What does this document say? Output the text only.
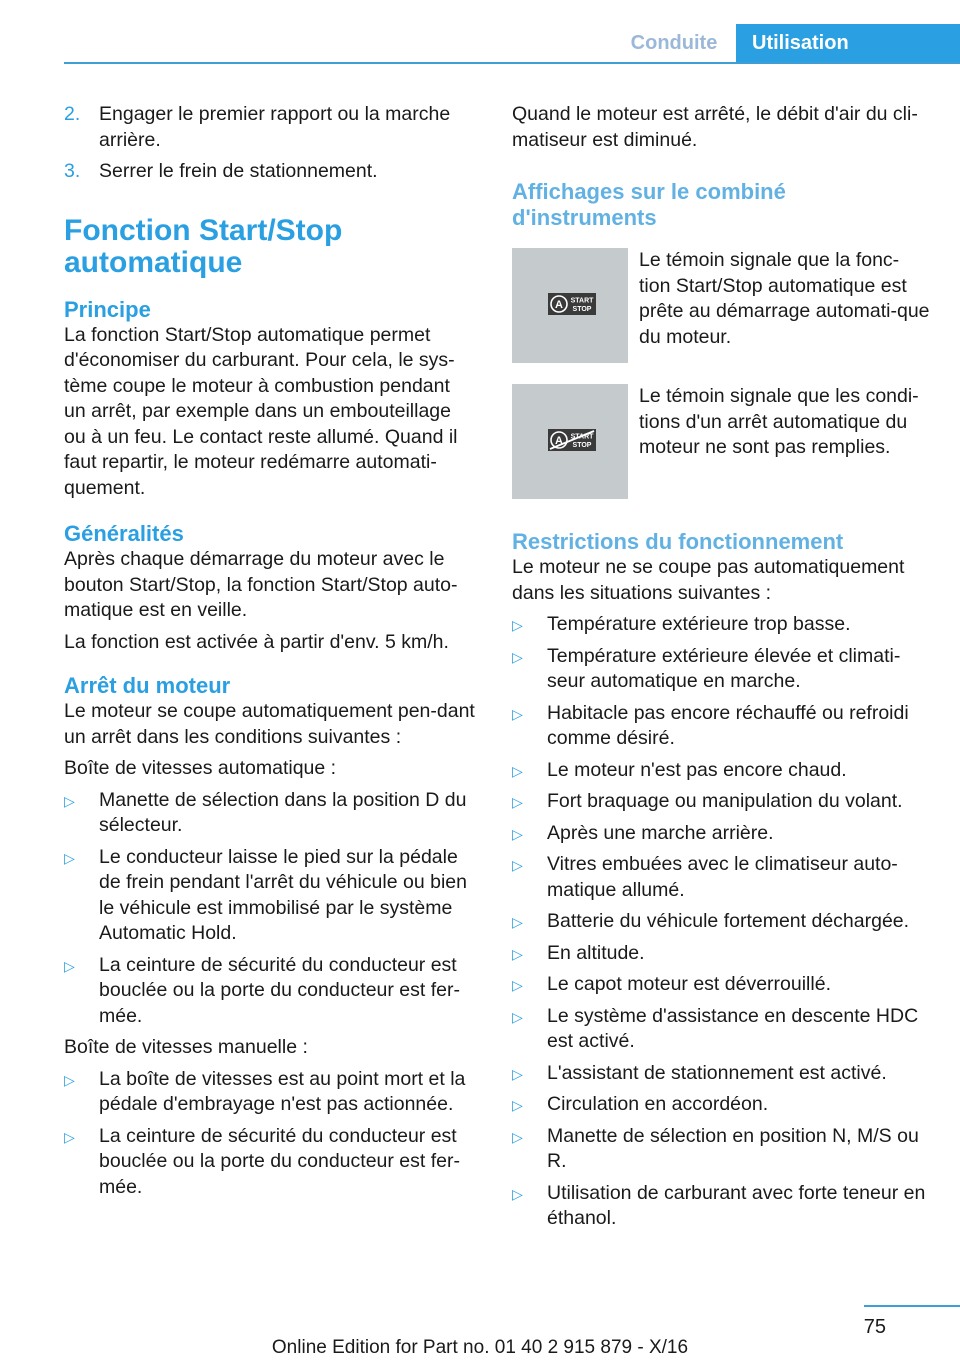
Conduite	Utilisation
2. Engager le premier rapport ou la marche arrière.
3. Serrer le frein de stationnement.
Fonction Start/Stop automatique
Principe

La fonction Start/Stop automatique permet d'économiser du carburant. Pour cela, le sys-tème coupe le moteur à combustion pendant un arrêt, par exemple dans un embouteillage ou à un feu. Le contact reste allumé. Quand il faut repartir, le moteur redémarre automati-quement.

Généralités

Après chaque démarrage du moteur avec le bouton Start/Stop, la fonction Start/Stop auto-matique est en veille.

La fonction est activée à partir d'env. 5 km/h.

Arrêt du moteur

Le moteur se coupe automatiquement pen-dant un arrêt dans les conditions suivantes :

Boîte de vitesses automatique :

▷ Manette de sélection dans la position D du sélecteur.
▷ Le conducteur laisse le pied sur la pédale de frein pendant l'arrêt du véhicule ou bien le véhicule est immobilisé par le système Automatic Hold.
▷ La ceinture de sécurité du conducteur est bouclée ou la porte du conducteur est fer-mée.

Boîte de vitesses manuelle :

▷ La boîte de vitesses est au point mort et la pédale d'embrayage n'est pas actionnée.
▷ La ceinture de sécurité du conducteur est bouclée ou la porte du conducteur est fer-mée.

Quand le moteur est arrêté, le débit d'air du cli-matiseur est diminué.

Affichages sur le combiné d'instruments
A START
STOP

Le témoin signale que la fonc-tion Start/Stop automatique est prête au démarrage automati-que du moteur.

A START
STOP

Le témoin signale que les condi-tions d'un arrêt automatique du moteur ne sont pas remplies.

Restrictions du fonctionnement

Le moteur ne se coupe pas automatiquement dans les situations suivantes :

▷ Température extérieure trop basse.
▷ Température extérieure élevée et climati-seur automatique en marche.
▷ Habitacle pas encore réchauffé ou refroidi comme désiré.
▷ Le moteur n'est pas encore chaud.
▷ Fort braquage ou manipulation du volant.
▷ Après une marche arrière.
▷ Vitres embuées avec le climatiseur auto-matique allumé.
▷ Batterie du véhicule fortement déchargée.
▷ En altitude.
▷ Le capot moteur est déverrouillé.
▷ Le système d'assistance en descente HDC est activé.
▷ L'assistant de stationnement est activé.
▷ Circulation en accordéon.
▷ Manette de sélection en position N, M/S ou R.
▷ Utilisation de carburant avec forte teneur en éthanol.
75
Online Edition for Part no. 01 40 2 915 879 - X/16
